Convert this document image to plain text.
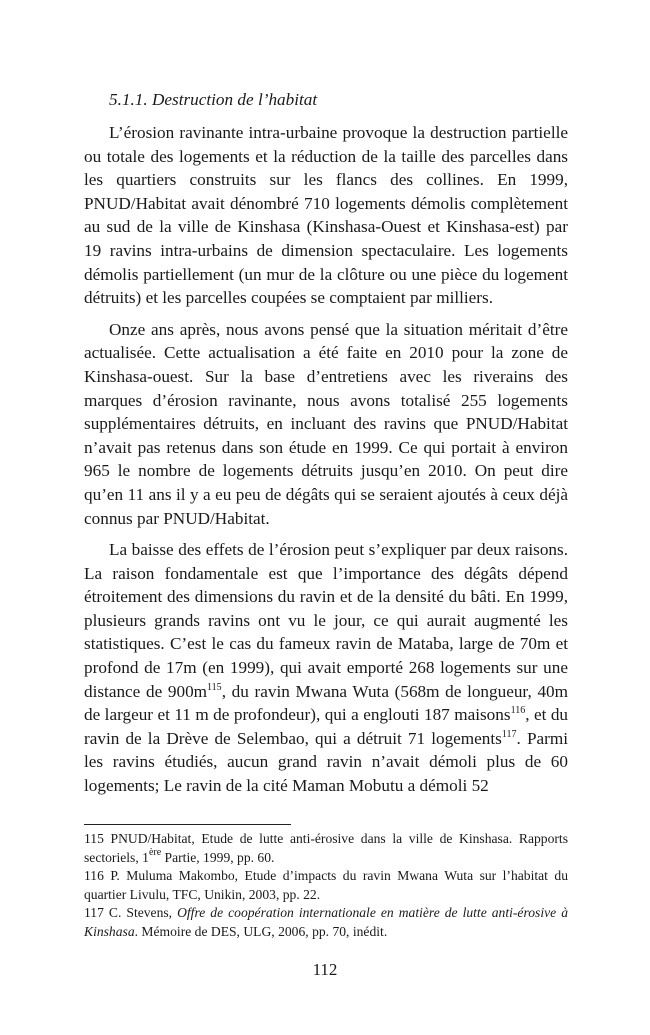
5.1.1. Destruction de l’habitat

L’érosion ravinante intra-urbaine provoque la destruction partielle ou totale des logements et la réduction de la taille des parcelles dans les quartiers construits sur les flancs des collines. En 1999, PNUD/Habitat avait dénombré 710 logements démolis complètement au sud de la ville de Kinshasa (Kinshasa-Ouest et Kinshasa-est) par 19 ravins intra-urbains de dimension spectaculaire. Les logements démolis partiellement (un mur de la clôture ou une pièce du logement détruits) et les parcelles coupées se comptaient par milliers.

Onze ans après, nous avons pensé que la situation méritait d’être actualisée. Cette actualisation a été faite en 2010 pour la zone de Kinshasa-ouest. Sur la base d’entretiens avec les riverains des marques d’érosion ravinante, nous avons totalisé 255 logements supplémentaires détruits, en incluant des ravins que PNUD/Habitat n’avait pas retenus dans son étude en 1999. Ce qui portait à environ 965 le nombre de logements détruits jusqu’en 2010. On peut dire qu’en 11 ans il y a eu peu de dégâts qui se seraient ajoutés à ceux déjà connus par PNUD/Habitat.

La baisse des effets de l’érosion peut s’expliquer par deux raisons. La raison fondamentale est que l’importance des dégâts dépend étroitement des dimensions du ravin et de la densité du bâti. En 1999, plusieurs grands ravins ont vu le jour, ce qui aurait augmenté les statistiques. C’est le cas du fameux ravin de Mataba, large de 70m et profond de 17m (en 1999), qui avait emporté 268 logements sur une distance de $900m^{115}$, du ravin Mwana Wuta (568m de longueur, 40m de largeur et 11 m de profondeur), qui a englouti 187 maisons$^{116}$, et du ravin de la Drève de Selembao, qui a détruit 71 logements$^{117}$. Parmi les ravins étudiés, aucun grand ravin n’avait démoli plus de 60 logements; Le ravin de la cité Maman Mobutu a démoli 52

115 PNUD/Habitat, Etude de lutte anti-érosive dans la ville de Kinshasa. Rapports sectoriels, 1ère Partie, 1999, pp. 60.

116 P. Muluma Makombo, Etude d’impacts du ravin Mwana Wuta sur l’habitat du quartier Livulu, TFC, Unikin, 2003, pp. 22.

117 C. Stevens, Offre de coopération internationale en matière de lutte anti-érosive à Kinshasa. Mémoire de DES, ULG, 2006, pp. 70, inédit.

112
